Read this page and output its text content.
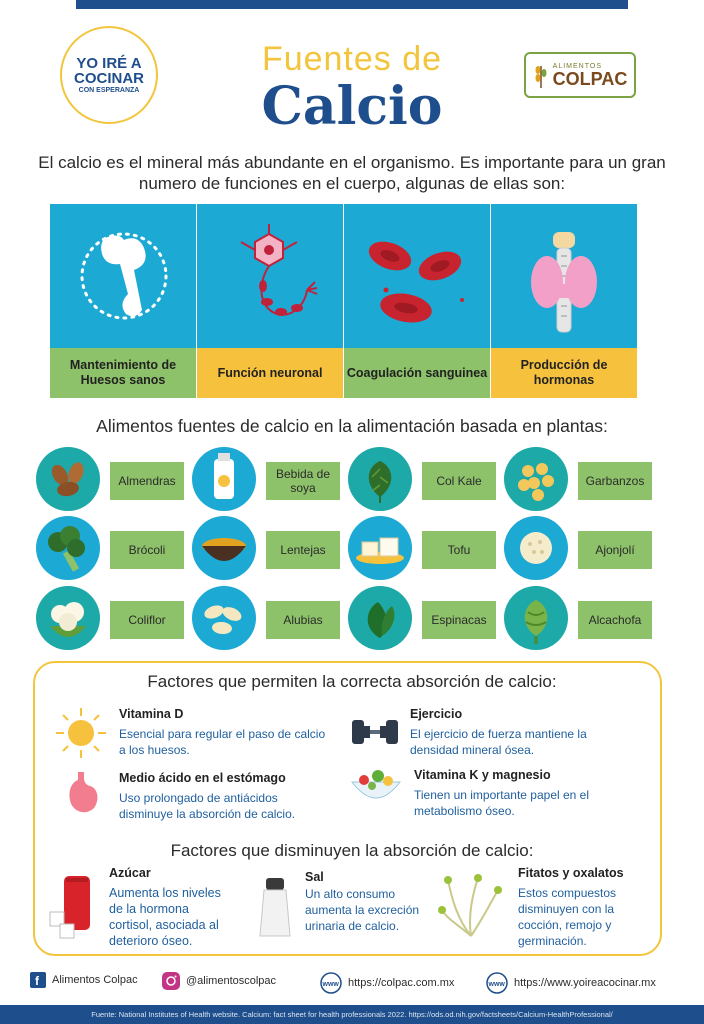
YO IRÉ A
COCINAR
CON ESPERANZA
Fuentes de
Calcio
ALIMENTOS
COLPAC
El calcio es el mineral más abundante en el organismo. Es importante para un gran numero de funciones en el cuerpo, algunas de ellas son:
Mantenimiento de Huesos sanos
Función neuronal	Coagulación sanguinea
Producción de hormonas
Alimentos fuentes de calcio en la alimentación basada en plantas:
Almendras	Bebida de soya	Col Kale	Garbanzos
Brócoli	Lentejas	Tofu	Ajonjolí
Coliflor	Alubias	Espinacas	Alcachofa
Factores que permiten la correcta absorción de calcio:
Vitamina D
Esencial para regular el paso de calcio a los huesos.
Ejercicio
El ejercicio de fuerza mantiene la densidad mineral ósea.
Medio ácido en el estómago
Uso prolongado de antiácidos disminuye la absorción de calcio.
Vitamina K y magnesio
Tienen un importante papel en el metabolismo óseo.
Factores que disminuyen la absorción de calcio:
Azúcar
Aumenta los niveles de la hormona cortisol, asociada al deterioro óseo.
Sal
Un alto consumo aumenta la excreción urinaria de calcio.
Fitatos y oxalatos
Estos compuestos disminuyen con la cocción, remojo y germinación.
f Alimentos Colpac	@alimentoscolpac	www https://colpac.com.mx	www https://www.yoireacocinar.mx
Fuente: National Institutes of Health website. Calcium: fact sheet for health professionals 2022. https://ods.od.nih.gov/factsheets/Calcium-HealthProfessional/
